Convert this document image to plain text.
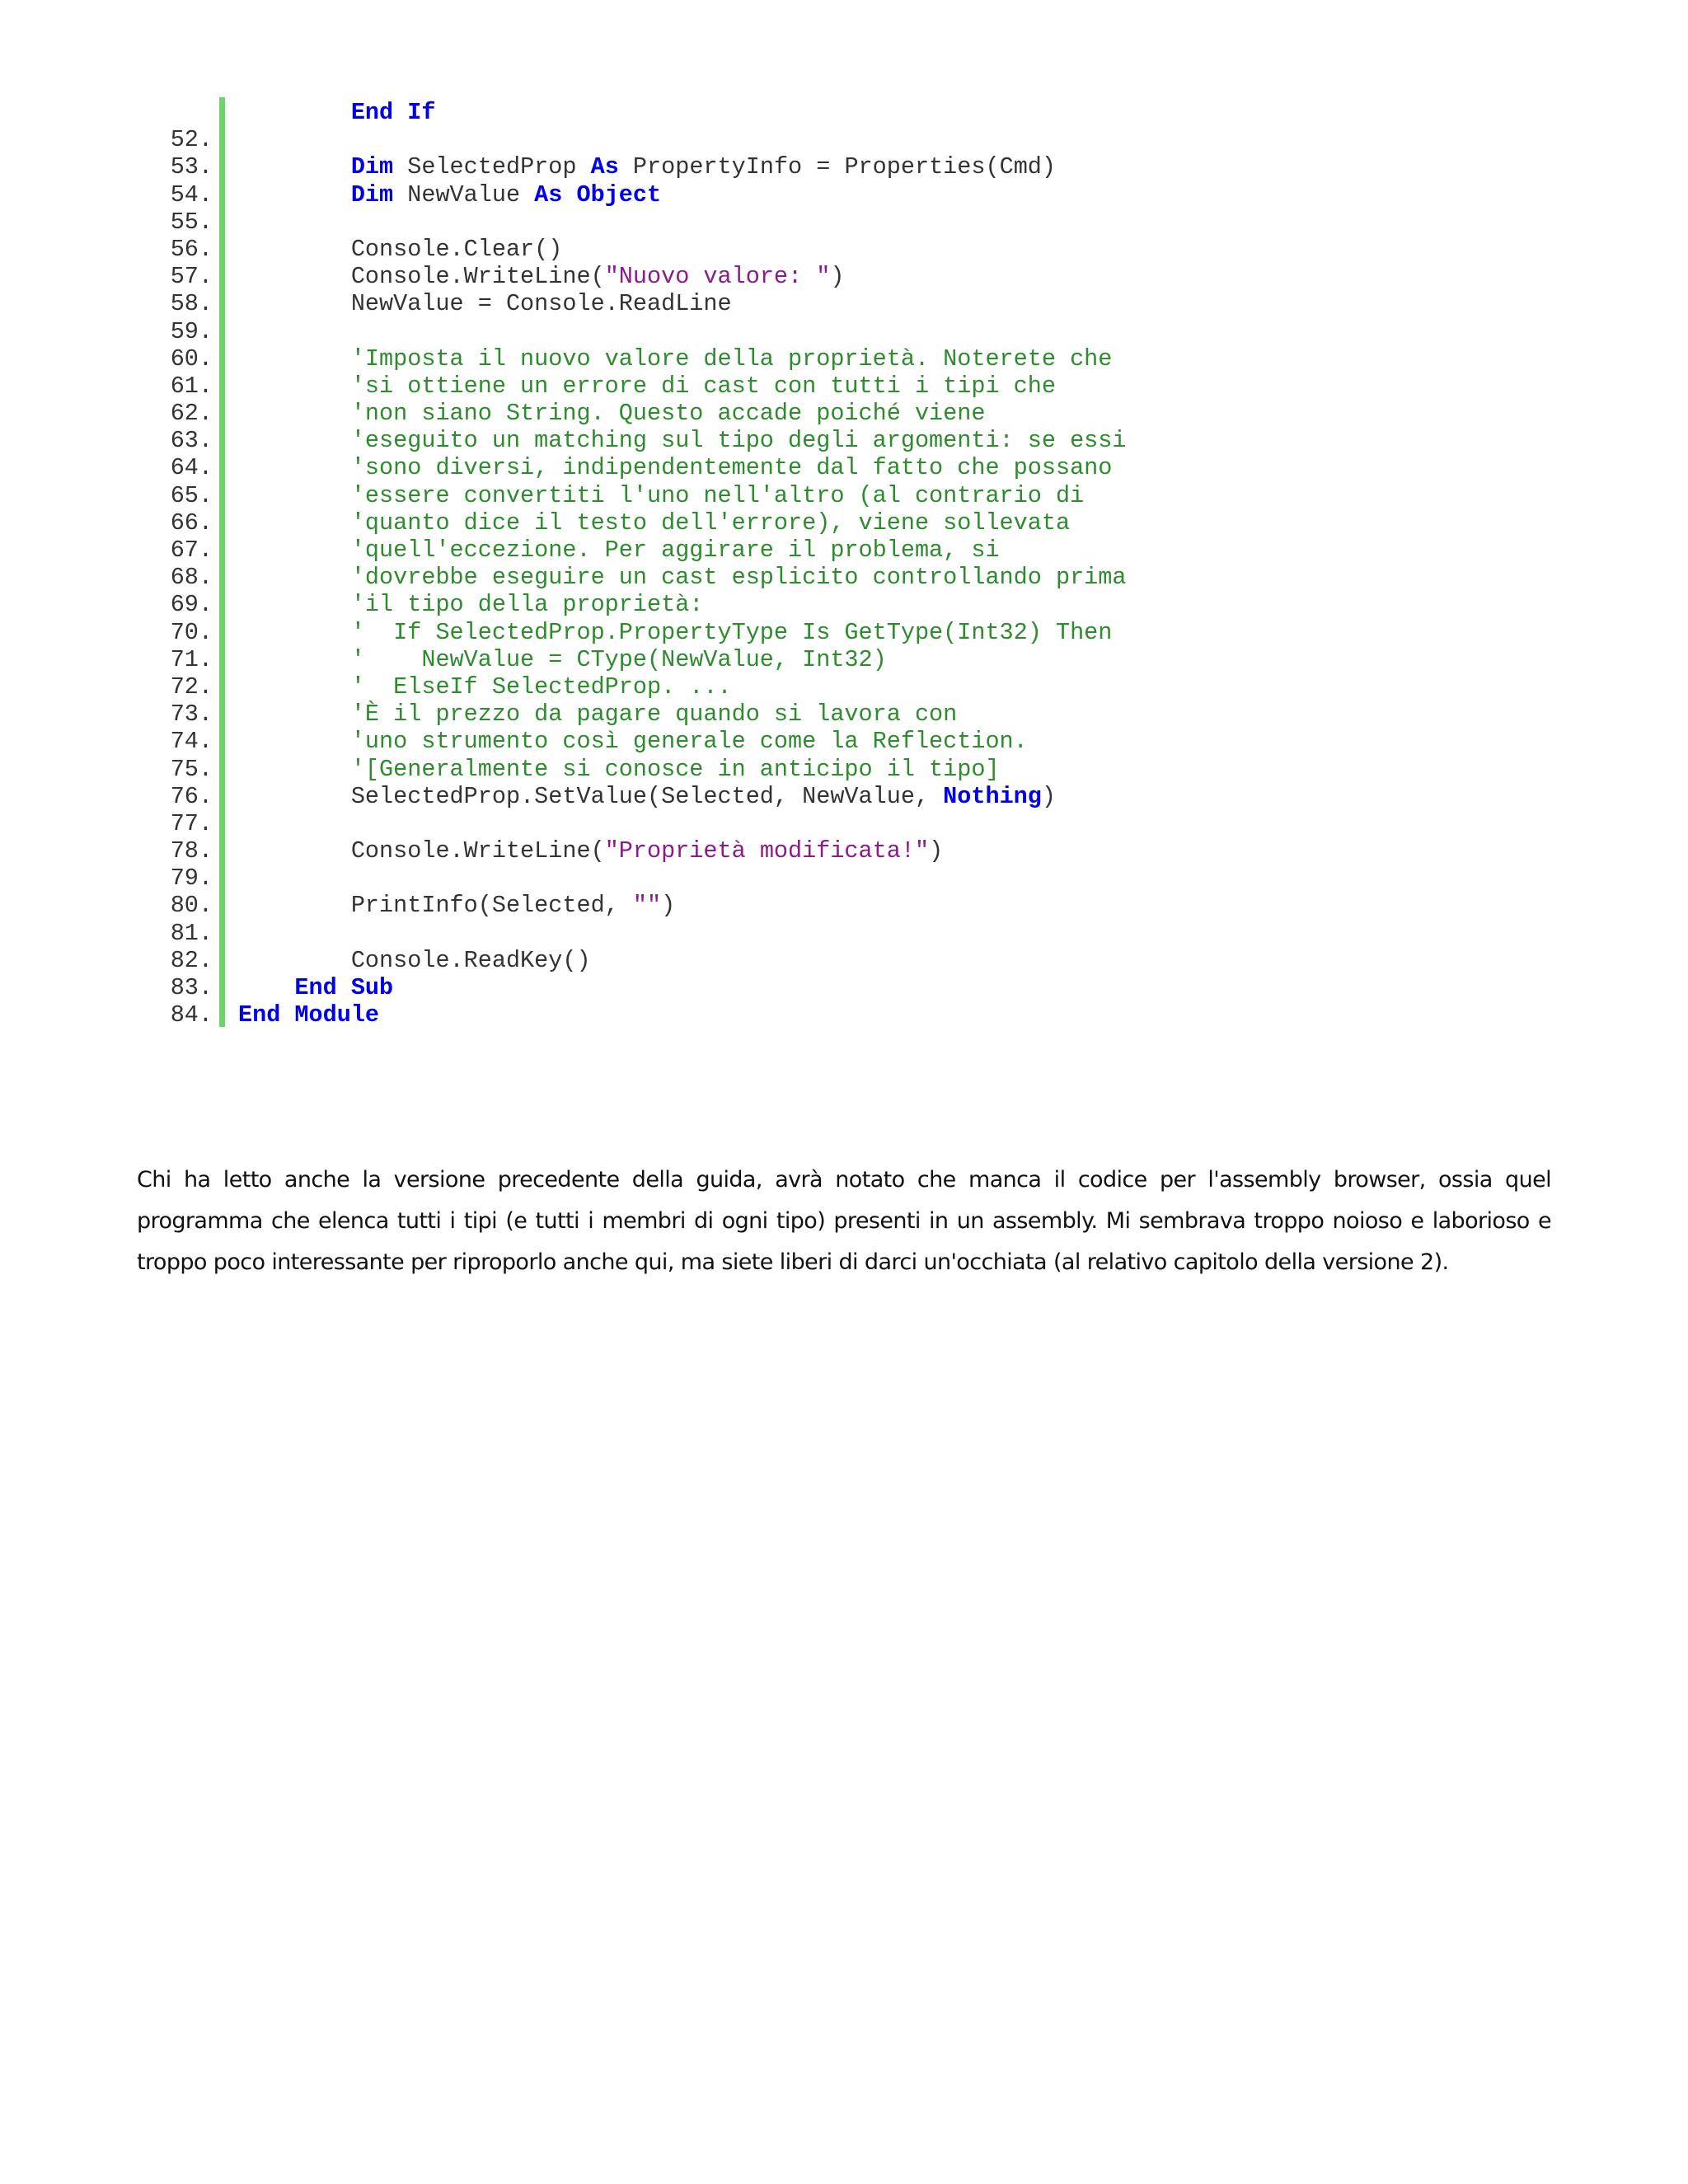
End If
52.
53.	Dim SelectedProp As PropertyInfo = Properties(Cmd)
54.	Dim NewValue As Object
55.
56.	Console.Clear()
57.	Console.WriteLine("Nuovo valore: ")
58.	NewValue = Console.ReadLine
59.
60.	'Imposta il nuovo valore della proprietà. Noterete che
61.	'si ottiene un errore di cast con tutti i tipi che
62.	'non siano String. Questo accade poiché viene
63.	'eseguito un matching sul tipo degli argomenti: se essi
64.	'sono diversi, indipendentemente dal fatto che possano
65.	'essere convertiti l'uno nell'altro (al contrario di
66.	'quanto dice il testo dell'errore), viene sollevata
67.	'quell'eccezione. Per aggirare il problema, si
68.	'dovrebbe eseguire un cast esplicito controllando prima
69.	'il tipo della proprietà:
70.	'  If SelectedProp.PropertyType Is GetType(Int32) Then
71.	'    NewValue = CType(NewValue, Int32)
72.	'  ElseIf SelectedProp. ...
73.	'È il prezzo da pagare quando si lavora con
74.	'uno strumento così generale come la Reflection.
75.	'[Generalmente si conosce in anticipo il tipo]
76.	SelectedProp.SetValue(Selected, NewValue, Nothing)
77.
78.	Console.WriteLine("Proprietà modificata!")
79.
80.	PrintInfo(Selected, "")
81.
82.	Console.ReadKey()
83.	End Sub
84. End Module

Chi ha letto anche la versione precedente della guida, avrà notato che manca il codice per l'assembly browser, ossia quel programma che elenca tutti i tipi (e tutti i membri di ogni tipo) presenti in un assembly. Mi sembrava troppo noioso e laborioso e troppo poco interessante per riproporlo anche qui, ma siete liberi di darci un'occhiata (al relativo capitolo della versione 2).
